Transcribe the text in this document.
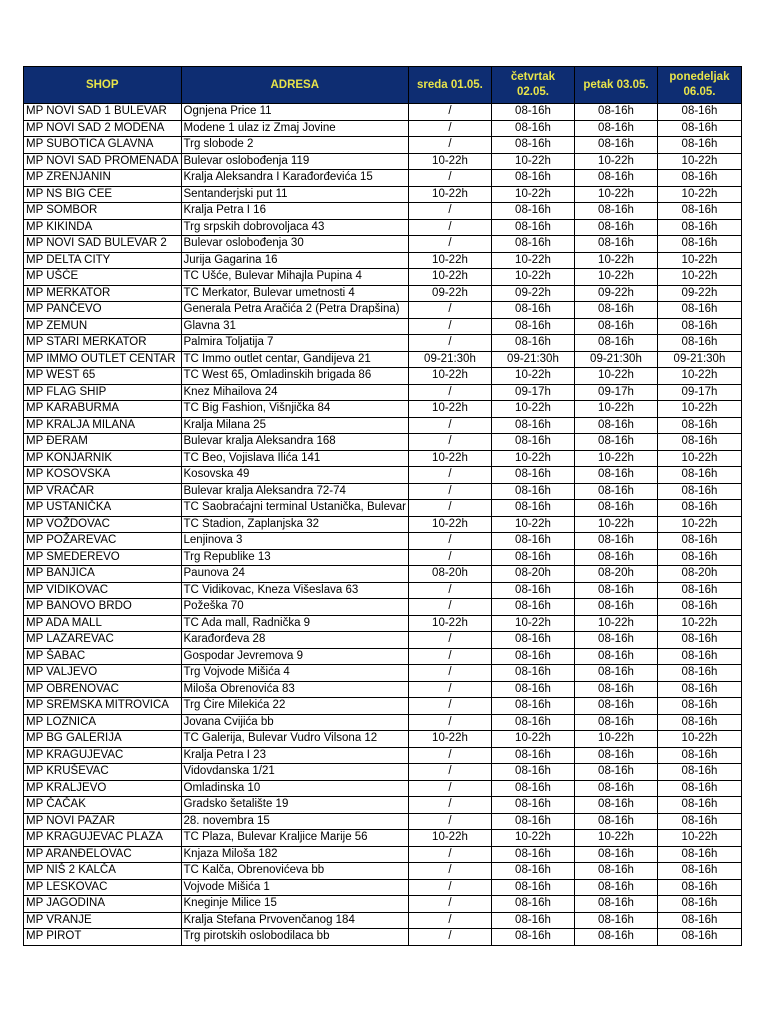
SHOP	ADRESA	sreda 01.05.	četvrtak 02.05.	petak 03.05.	ponedeljak 06.05.
MP NOVI SAD 1 BULEVAR	Ognjena Price 11	/	08-16h	08-16h	08-16h
MP NOVI SAD 2 MODENA	Modene 1 ulaz iz Zmaj Jovine	/	08-16h	08-16h	08-16h
MP SUBOTICA GLAVNA	Trg slobode 2	/	08-16h	08-16h	08-16h
MP NOVI SAD PROMENADA	Bulevar oslobođenja 119	10-22h	10-22h	10-22h	10-22h
MP ZRENJANIN	Kralja Aleksandra I Karađorđevića 15	/	08-16h	08-16h	08-16h
MP NS BIG CEE	Sentanderjski put 11	10-22h	10-22h	10-22h	10-22h
MP SOMBOR	Kralja Petra I 16	/	08-16h	08-16h	08-16h
MP KIKINDA	Trg srpskih dobrovoljaca 43	/	08-16h	08-16h	08-16h
MP NOVI SAD BULEVAR 2	Bulevar oslobođenja 30	/	08-16h	08-16h	08-16h
MP DELTA CITY	Jurija Gagarina 16	10-22h	10-22h	10-22h	10-22h
MP UŠĆE	TC Ušće, Bulevar Mihajla Pupina 4	10-22h	10-22h	10-22h	10-22h
MP MERKATOR	TC Merkator, Bulevar umetnosti 4	09-22h	09-22h	09-22h	09-22h
MP PANČEVO	Generala Petra Aračića 2 (Petra Drapšina)	/	08-16h	08-16h	08-16h
MP ZEMUN	Glavna 31	/	08-16h	08-16h	08-16h
MP STARI MERKATOR	Palmira Toljatija 7	/	08-16h	08-16h	08-16h
MP IMMO OUTLET CENTAR	TC Immo outlet centar, Gandijeva 21	09-21:30h	09-21:30h	09-21:30h	09-21:30h
MP WEST 65	TC West 65, Omladinskih brigada 86	10-22h	10-22h	10-22h	10-22h
MP FLAG SHIP	Knez Mihailova 24	/	09-17h	09-17h	09-17h
MP KARABURMA	TC Big Fashion, Višnjička 84	10-22h	10-22h	10-22h	10-22h
MP KRALJA MILANA	Kralja Milana 25	/	08-16h	08-16h	08-16h
MP ĐERAM	Bulevar kralja Aleksandra 168	/	08-16h	08-16h	08-16h
MP KONJARNIK	TC Beo, Vojislava Ilića 141	10-22h	10-22h	10-22h	10-22h
MP KOSOVSKA	Kosovska 49	/	08-16h	08-16h	08-16h
MP VRAČAR	Bulevar kralja Aleksandra 72-74	/	08-16h	08-16h	08-16h
MP USTANIČKA	TC Saobraćajni terminal Ustanička, Bulevar	/	08-16h	08-16h	08-16h
MP VOŽDOVAC	TC Stadion, Zaplanjska 32	10-22h	10-22h	10-22h	10-22h
MP POŽAREVAC	Lenjinova 3	/	08-16h	08-16h	08-16h
MP SMEDEREVO	Trg Republike 13	/	08-16h	08-16h	08-16h
MP BANJICA	Paunova 24	08-20h	08-20h	08-20h	08-20h
MP VIDIKOVAC	TC Vidikovac, Kneza Višeslava 63	/	08-16h	08-16h	08-16h
MP BANOVO BRDO	Požeška 70	/	08-16h	08-16h	08-16h
MP ADA MALL	TC Ada mall, Radnička 9	10-22h	10-22h	10-22h	10-22h
MP LAZAREVAC	Karađorđeva 28	/	08-16h	08-16h	08-16h
MP ŠABAC	Gospodar Jevremova 9	/	08-16h	08-16h	08-16h
MP VALJEVO	Trg Vojvode Mišića 4	/	08-16h	08-16h	08-16h
MP OBRENOVAC	Miloša Obrenovića 83	/	08-16h	08-16h	08-16h
MP SREMSKA MITROVICA	Trg Ćire Milekića 22	/	08-16h	08-16h	08-16h
MP LOZNICA	Jovana Cvijića bb	/	08-16h	08-16h	08-16h
MP BG GALERIJA	TC Galerija, Bulevar Vudro Vilsona 12	10-22h	10-22h	10-22h	10-22h
MP KRAGUJEVAC	Kralja Petra I 23	/	08-16h	08-16h	08-16h
MP KRUŠEVAC	Vidovdanska 1/21	/	08-16h	08-16h	08-16h
MP KRALJEVO	Omladinska 10	/	08-16h	08-16h	08-16h
MP ČAČAK	Gradsko šetalište 19	/	08-16h	08-16h	08-16h
MP NOVI PAZAR	28. novembra 15	/	08-16h	08-16h	08-16h
MP KRAGUJEVAC PLAZA	TC Plaza, Bulevar Kraljice Marije 56	10-22h	10-22h	10-22h	10-22h
MP ARANĐELOVAC	Knjaza Miloša 182	/	08-16h	08-16h	08-16h
MP NIŠ 2 KALČA	TC Kalča, Obrenovićeva bb	/	08-16h	08-16h	08-16h
MP LESKOVAC	Vojvode Mišića 1	/	08-16h	08-16h	08-16h
MP JAGODINA	Kneginje Milice 15	/	08-16h	08-16h	08-16h
MP VRANJE	Kralja Stefana Prvovenčanog 184	/	08-16h	08-16h	08-16h
MP PIROT	Trg pirotskih oslobodilaca bb	/	08-16h	08-16h	08-16h
